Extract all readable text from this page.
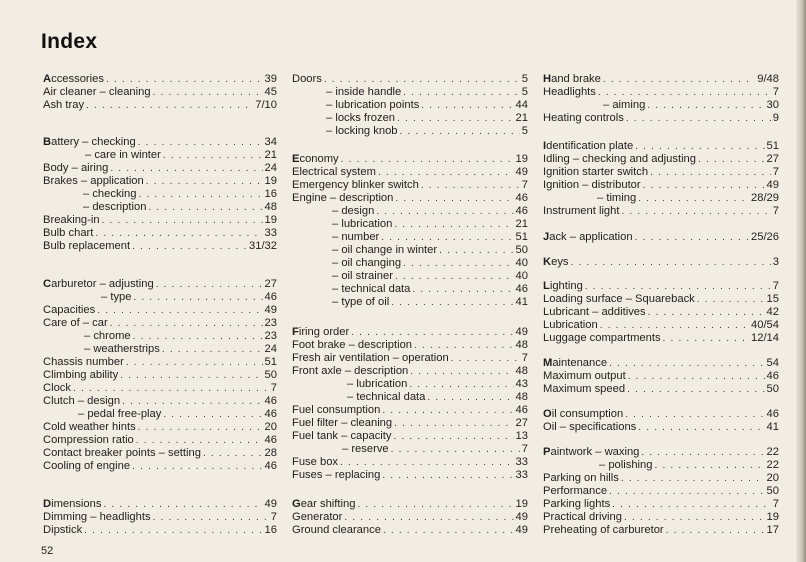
Index
Accessories . . .	39
Air cleaner – cleaning . . .	45
Ash tray . . .	7/10
Battery – checking . . .	34
– care in winter . . .	21
Body – airing . . .	24
Brakes – application . . .	19
– checking . . .	16
– description . . .	48
Breaking-in . . .	19
Bulb chart . . .	33
Bulb replacement . . .	31/32
Carburetor – adjusting . . .	27
– type . . .	46
Capacities . . .	49
Care of – car . . .	23
– chrome . . .	23
– weatherstrips . . .	24
Chassis number . . .	51
Climbing ability . . .	50
Clock . . .	7
Clutch – design . . .	46
– pedal free-play . . .	46
Cold weather hints . . .	20
Compression ratio . . .	46
Contact breaker points – setting . . .	28
Cooling of engine . . .	46
Dimensions . . .	49
Dimming – headlights . . .	7
Dipstick . . .	16
Doors . . .	5
– inside handle . . .	5
– lubrication points . . .	44
– locks frozen . . .	21
– locking knob . . .	5
Economy . . .	19
Electrical system . . .	49
Emergency blinker switch . . .	7
Engine – description . . .	46
– design . . .	46
– lubrication . . .	21
– number . . .	51
– oil change in winter . . .	50
– oil changing . . .	40
– oil strainer . . .	40
– technical data . . .	46
– type of oil . . .	41
Firing order . . .	49
Foot brake – description . . .	48
Fresh air ventilation – operation . . .	7
Front axle – description . . .	48
– lubrication . . .	43
– technical data . . .	48
Fuel consumption . . .	46
Fuel filter – cleaning . . .	27
Fuel tank – capacity . . .	13
– reserve . . .	7
Fuse box . . .	33
Fuses – replacing . . .	33
Gear shifting . . .	19
Generator . . .	49
Ground clearance . . .	49
Hand brake . . .	9/48
Headlights . . .	7
– aiming . . .	30
Heating controls . . .	9
Identification plate . . .	51
Idling – checking and adjusting . . .	27
Ignition starter switch . . .	7
Ignition – distributor . . .	49
– timing . . .	28/29
Instrument light . . .	7
Jack – application . . .	25/26
Keys . . .	3
Lighting . . .	7
Loading surface – Squareback . . .	15
Lubricant – additives . . .	42
Lubrication . . .	40/54
Luggage compartments . . .	12/14
Maintenance . . .	54
Maximum output . . .	46
Maximum speed . . .	50
Oil consumption . . .	46
Oil – specifications . . .	41
Paintwork – waxing . . .	22
– polishing . . .	22
Parking on hills . . .	20
Performance . . .	50
Parking lights . . .	7
Practical driving . . .	19
Preheating of carburetor . . .	17
52
